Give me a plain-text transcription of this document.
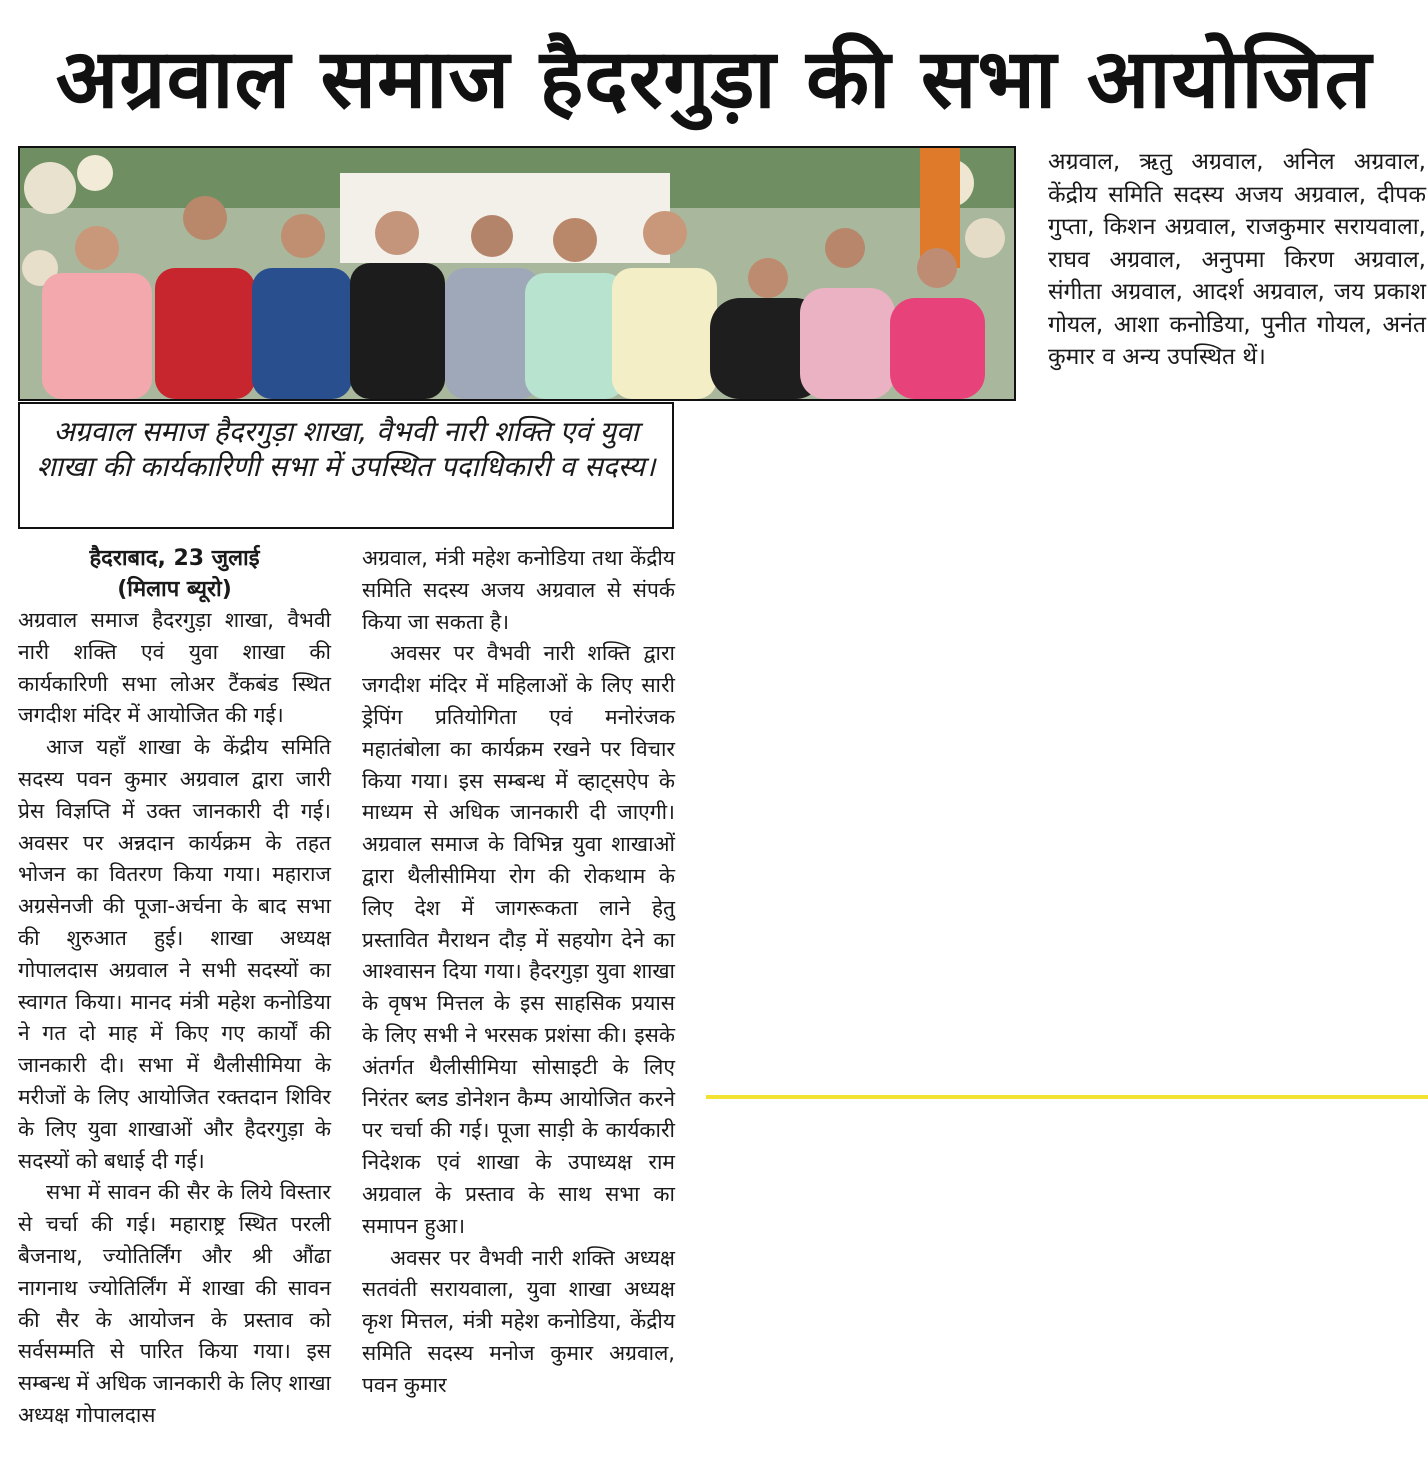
अग्रवाल समाज हैदरगुड़ा की सभा आयोजित
अग्रवाल समाज हैदरगुड़ा शाखा, वैभवी नारी शक्ति एवं युवा शाखा की कार्यकारिणी सभा में उपस्थित पदाधिकारी व सदस्य।
हैदराबाद, 23 जुलाई
(मिलाप ब्यूरो)

अग्रवाल समाज हैदरगुड़ा शाखा, वैभवी नारी शक्ति एवं युवा शाखा की कार्यकारिणी सभा लोअर टैंकबंड स्थित जगदीश मंदिर में आयोजित की गई।

आज यहाँ शाखा के केंद्रीय समिति सदस्य पवन कुमार अग्रवाल द्वारा जारी प्रेस विज्ञप्ति में उक्त जानकारी दी गई। अवसर पर अन्नदान कार्यक्रम के तहत भोजन का वितरण किया गया। महाराज अग्रसेनजी की पूजा-अर्चना के बाद सभा की शुरुआत हुई। शाखा अध्यक्ष गोपालदास अग्रवाल ने सभी सदस्यों का स्वागत किया। मानद मंत्री महेश कनोडिया ने गत दो माह में किए गए कार्यों की जानकारी दी। सभा में थैलीसीमिया के मरीजों के लिए आयोजित रक्तदान शिविर के लिए युवा शाखाओं और हैदरगुड़ा के सदस्यों को बधाई दी गई।

सभा में सावन की सैर के लिये विस्तार से चर्चा की गई। महाराष्ट्र स्थित परली बैजनाथ, ज्योतिर्लिंग और श्री औंढा नागनाथ ज्योतिर्लिंग में शाखा की सावन की सैर के आयोजन के प्रस्ताव को सर्वसम्मति से पारित किया गया। इस सम्बन्ध में अधिक जानकारी के लिए शाखा अध्यक्ष गोपालदास

अग्रवाल, मंत्री महेश कनोडिया तथा केंद्रीय समिति सदस्य अजय अग्रवाल से संपर्क किया जा सकता है।

अवसर पर वैभवी नारी शक्ति द्वारा जगदीश मंदिर में महिलाओं के लिए सारी ड्रेपिंग प्रतियोगिता एवं मनोरंजक महातंबोला का कार्यक्रम रखने पर विचार किया गया। इस सम्बन्ध में व्हाट्सऐप के माध्यम से अधिक जानकारी दी जाएगी। अग्रवाल समाज के विभिन्न युवा शाखाओं द्वारा थैलीसीमिया रोग की रोकथाम के लिए देश में जागरूकता लाने हेतु प्रस्तावित मैराथन दौड़ में सहयोग देने का आश्वासन दिया गया। हैदरगुड़ा युवा शाखा के वृषभ मित्तल के इस साहसिक प्रयास के लिए सभी ने भरसक प्रशंसा की। इसके अंतर्गत थैलीसीमिया सोसाइटी के लिए निरंतर ब्लड डोनेशन कैम्प आयोजित करने पर चर्चा की गई। पूजा साड़ी के कार्यकारी निदेशक एवं शाखा के उपाध्यक्ष राम अग्रवाल के प्रस्ताव के साथ सभा का समापन हुआ।

अवसर पर वैभवी नारी शक्ति अध्यक्ष सतवंती सरायवाला, युवा शाखा अध्यक्ष कृश मित्तल, मंत्री महेश कनोडिया, केंद्रीय समिति सदस्य मनोज कुमार अग्रवाल, पवन कुमार

अग्रवाल, ऋतु अग्रवाल, अनिल अग्रवाल, केंद्रीय समिति सदस्य अजय अग्रवाल, दीपक गुप्ता, किशन अग्रवाल, राजकुमार सरायवाला, राघव अग्रवाल, अनुपमा किरण अग्रवाल, संगीता अग्रवाल, आदर्श अग्रवाल, जय प्रकाश गोयल, आशा कनोडिया, पुनीत गोयल, अनंत कुमार व अन्य उपस्थित थें।
